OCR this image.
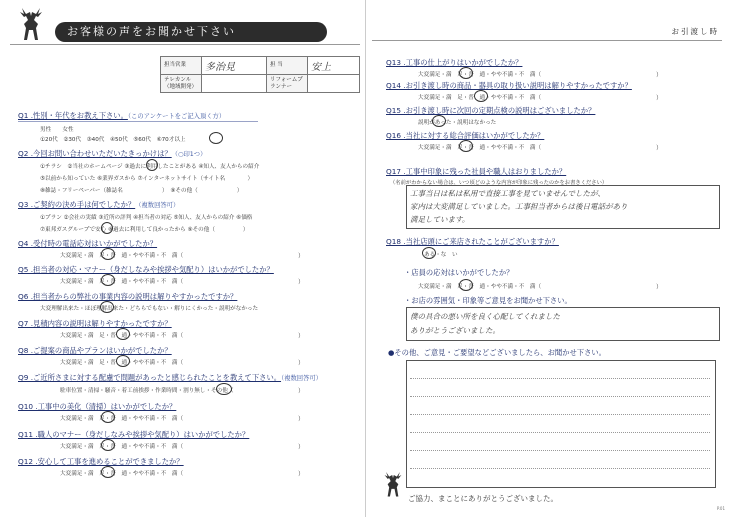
お客様の声をお聞かせ下さい
担当営業	多治見	担 当	安上
テレカンル（地域開発）		リフォームプランナー	
Q1 .性別・年代をお教え下さい。（このアンケートをご記入頂く方）
男性　　女性
①20代　②30代　③40代　④50代　⑤60代　⑥70才以上
Q2 .今回お問い合わせいただいたきっかけは？（○印1つ）
①チラシ　②当社のホームページ ③過去に利用したことがある ④知人、友人からの紹介
⑤以前から知っていた ⑥業界ガスから ⑦インターネットサイト（サイト名　　　　）
⑧雑誌・フリーペーパー（雑誌名　　　　　　　）　⑨その他（　　　　　　　）
Q3 .ご契約の決め手は何でしたか？（複数回答可）
①プラン ②会社の実績 ③近所の評判 ④担当者の対応 ⑤知人、友人からの紹介 ⑥価格
⑦東邦ガスグループで安心 ⑧過去に利用して良かったから ⑨その他（　　　　　）
Q4 .受付時の電話応対はいかがでしたか？
大変満足・満　足・普　通・やや不満・不　満（	）
Q5 .担当者の対応・マナー（身だしなみや挨拶や気配り）はいかがでしたか？
大変満足・満　足・普　通・やや不満・不　満（	）
Q6 .担当者からの弊社の事業内容の説明は解りやすかったですか？
大変理解出来た・ほぼ理解出来た・どちらでもない・解りにくかった・説明がなかった
Q7 .見積内容の説明は解りやすかったですか？
大変満足・満　足・普　通・やや不満・不　満（	）
Q8 .ご提案の商品やプランはいかがでしたか？
大変満足・満　足・普　通・やや不満・不　満（	）
Q9 .ご近所さまに対する配慮で問題があったと感じられたことを教えて下さい。（複数回答可）
駐車位置・清掃・騒音・着工前挨拶・作業時間・割り無し・その他（	）
Q10 .工事中の美化（清掃）はいかがでしたか？
大変満足・満　足・普　通・やや不満・不　満（	）
Q11 .職人のマナー（身だしなみや挨拶や気配り）はいかがでしたか？
大変満足・満　足・普　通・やや不満・不　満（	）
Q12 .安心して工事を進めることができましたか？
大変満足・満　足・普　通・やや不満・不　満（	）
お引渡し時
Q13 .工事の仕上がりはいかがでしたか？
大変満足・満　足・普　通・やや不満・不　満（	）
Q14 .お引き渡し時の商品・器具の取り扱い説明は解りやすかったですか？
大変満足・満　足・普　通・やや不満・不　満（	）
Q15 .お引き渡し時に次回の定期点検の説明はございましたか？
説明があった・説明はなかった
Q16 .当社に対する総合評価はいかがでしたか？
大変満足・満　足・普　通・やや不満・不　満（	）
Q17 .工事中印象に残った社員や職人はおりましたか？
（名前がわからない場合は、いつ頃どのような内容が印象に残ったのかをお書きください）
工事当日は私は私用で直接工事を見ていませんでしたが、
家内は大変満足していました。工事担当者からは後日電話があり
満足しています。
Q18 .当社店頭にご来店されたことがございますか？
ある・な　い
・店員の応対はいかがでしたか？
大変満足・満　足・普　通・やや不満・不　満（	）
・お店の雰囲気・印象等ご意見をお聞かせ下さい。
僕の具合の悪い所を良く心配してくれました
ありがとうございました。
●その他、ご意見・ご要望などございましたら、お聞かせ下さい。
ご協力、まことにありがとうございました。
P.01
